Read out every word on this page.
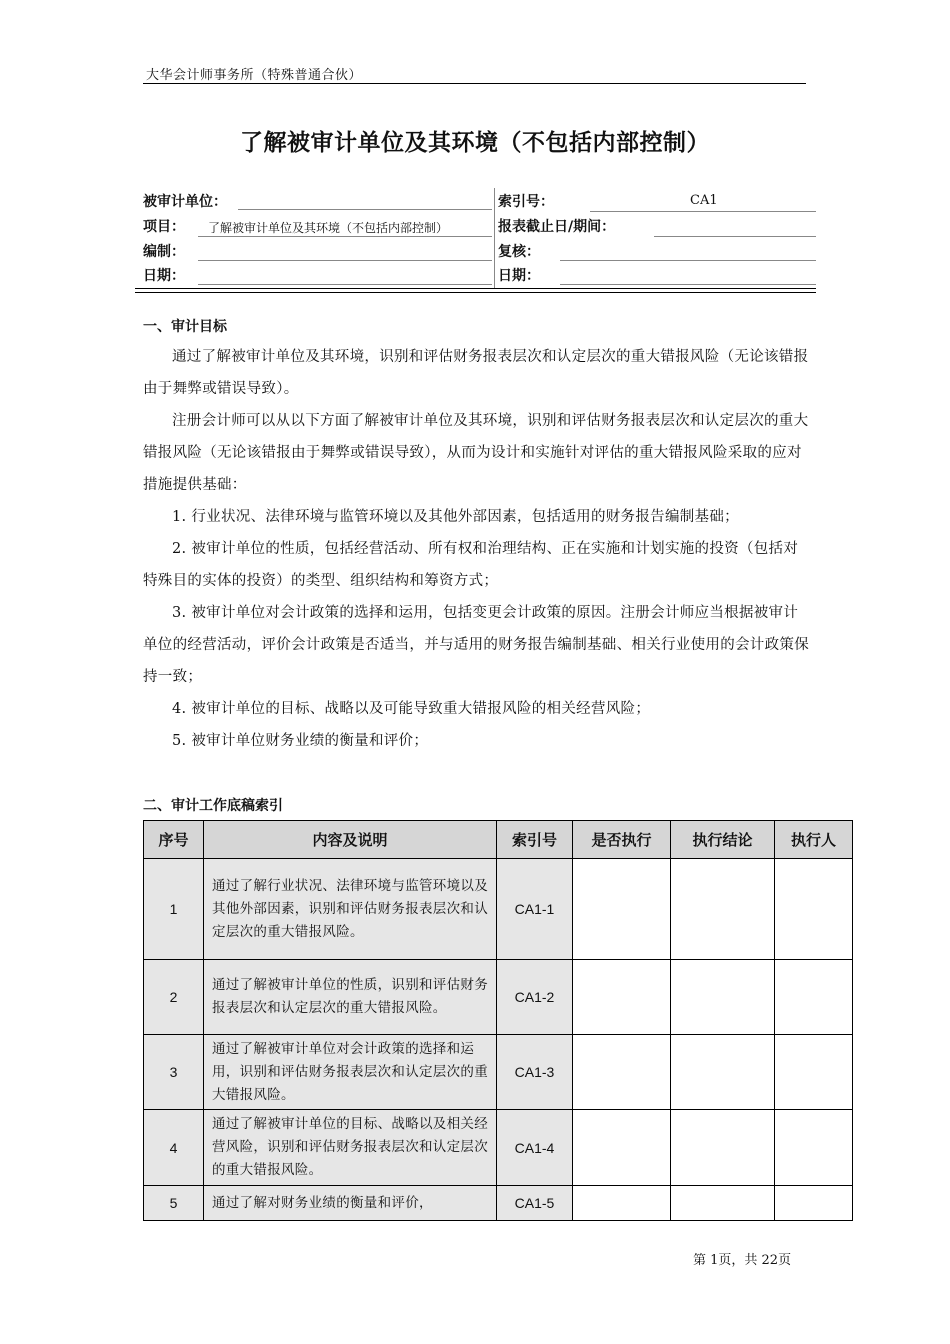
大华会计师事务所（特殊普通合伙）
了解被审计单位及其环境（不包括内部控制）
被审计单位：	索引号：	CA1
项目： 了解被审计单位及其环境（不包括内部控制）	报表截止日/期间：
编制：	复核：
日期：	日期：
一、审计目标

通过了解被审计单位及其环境，识别和评估财务报表层次和认定层次的重大错报风险（无论该错报由于舞弊或错误导致）。

注册会计师可以从以下方面了解被审计单位及其环境，识别和评估财务报表层次和认定层次的重大错报风险（无论该错报由于舞弊或错误导致），从而为设计和实施针对评估的重大错报风险采取的应对措施提供基础：

1. 行业状况、法律环境与监管环境以及其他外部因素，包括适用的财务报告编制基础；

2. 被审计单位的性质，包括经营活动、所有权和治理结构、正在实施和计划实施的投资（包括对特殊目的实体的投资）的类型、组织结构和筹资方式；

3. 被审计单位对会计政策的选择和运用，包括变更会计政策的原因。注册会计师应当根据被审计单位的经营活动，评价会计政策是否适当，并与适用的财务报告编制基础、相关行业使用的会计政策保持一致；

4. 被审计单位的目标、战略以及可能导致重大错报风险的相关经营风险；

5. 被审计单位财务业绩的衡量和评价；

二、审计工作底稿索引
序号	内容及说明	索引号	是否执行	执行结论	执行人
1	通过了解行业状况、法律环境与监管环境以及其他外部因素，识别和评估财务报表层次和认定层次的重大错报风险。	CA1-1			
2	通过了解被审计单位的性质，识别和评估财务报表层次和认定层次的重大错报风险。	CA1-2			
3	通过了解被审计单位对会计政策的选择和运用，识别和评估财务报表层次和认定层次的重大错报风险。	CA1-3			
4	通过了解被审计单位的目标、战略以及相关经营风险，识别和评估财务报表层次和认定层次的重大错报风险。	CA1-4			
5	通过了解对财务业绩的衡量和评价，	CA1-5			
第 1页，共 22页
